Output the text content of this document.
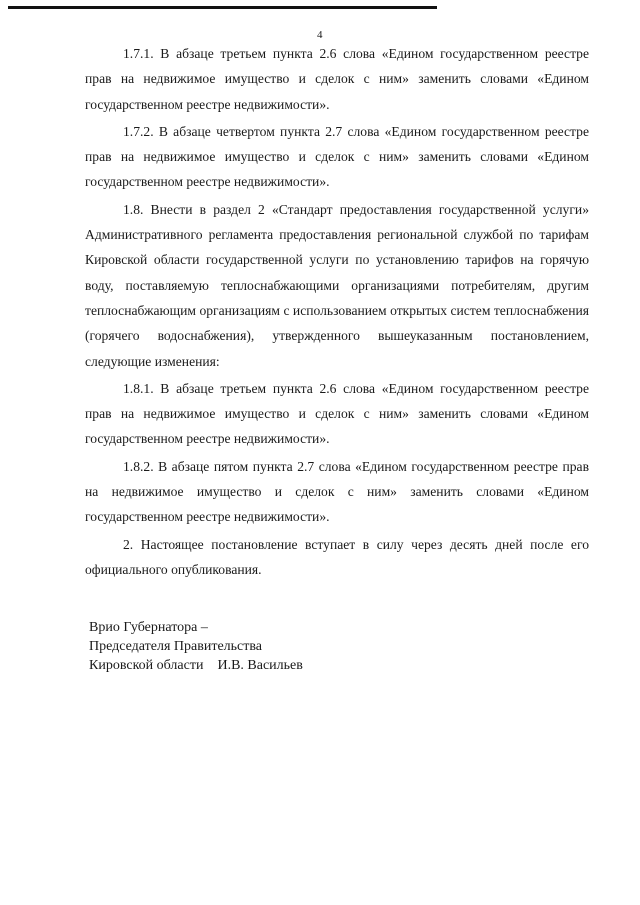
4

1.7.1. В абзаце третьем пункта 2.6 слова «Едином государственном реестре прав на недвижимое имущество и сделок с ним» заменить словами «Едином государственном реестре недвижимости».

1.7.2. В абзаце четвертом пункта 2.7 слова «Едином государственном реестре прав на недвижимое имущество и сделок с ним» заменить словами «Едином государственном реестре недвижимости».

1.8. Внести в раздел 2 «Стандарт предоставления государственной услуги» Административного регламента предоставления региональной службой по тарифам Кировской области государственной услуги по установлению тарифов на горячую воду, поставляемую теплоснабжающими организациями потребителям, другим теплоснабжающим организациям с использованием открытых систем теплоснабжения (горячего водоснабжения), утвержденного вышеуказанным постановлением, следующие изменения:

1.8.1. В абзаце третьем пункта 2.6 слова «Едином государственном реестре прав на недвижимое имущество и сделок с ним» заменить словами «Едином государственном реестре недвижимости».

1.8.2. В абзаце пятом пункта 2.7 слова «Едином государственном реестре прав на недвижимое имущество и сделок с ним» заменить словами «Едином государственном реестре недвижимости».

2. Настоящее постановление вступает в силу через десять дней после его официального опубликования.

Врио Губернатора –
Председателя Правительства
Кировской области    И.В. Васильев
